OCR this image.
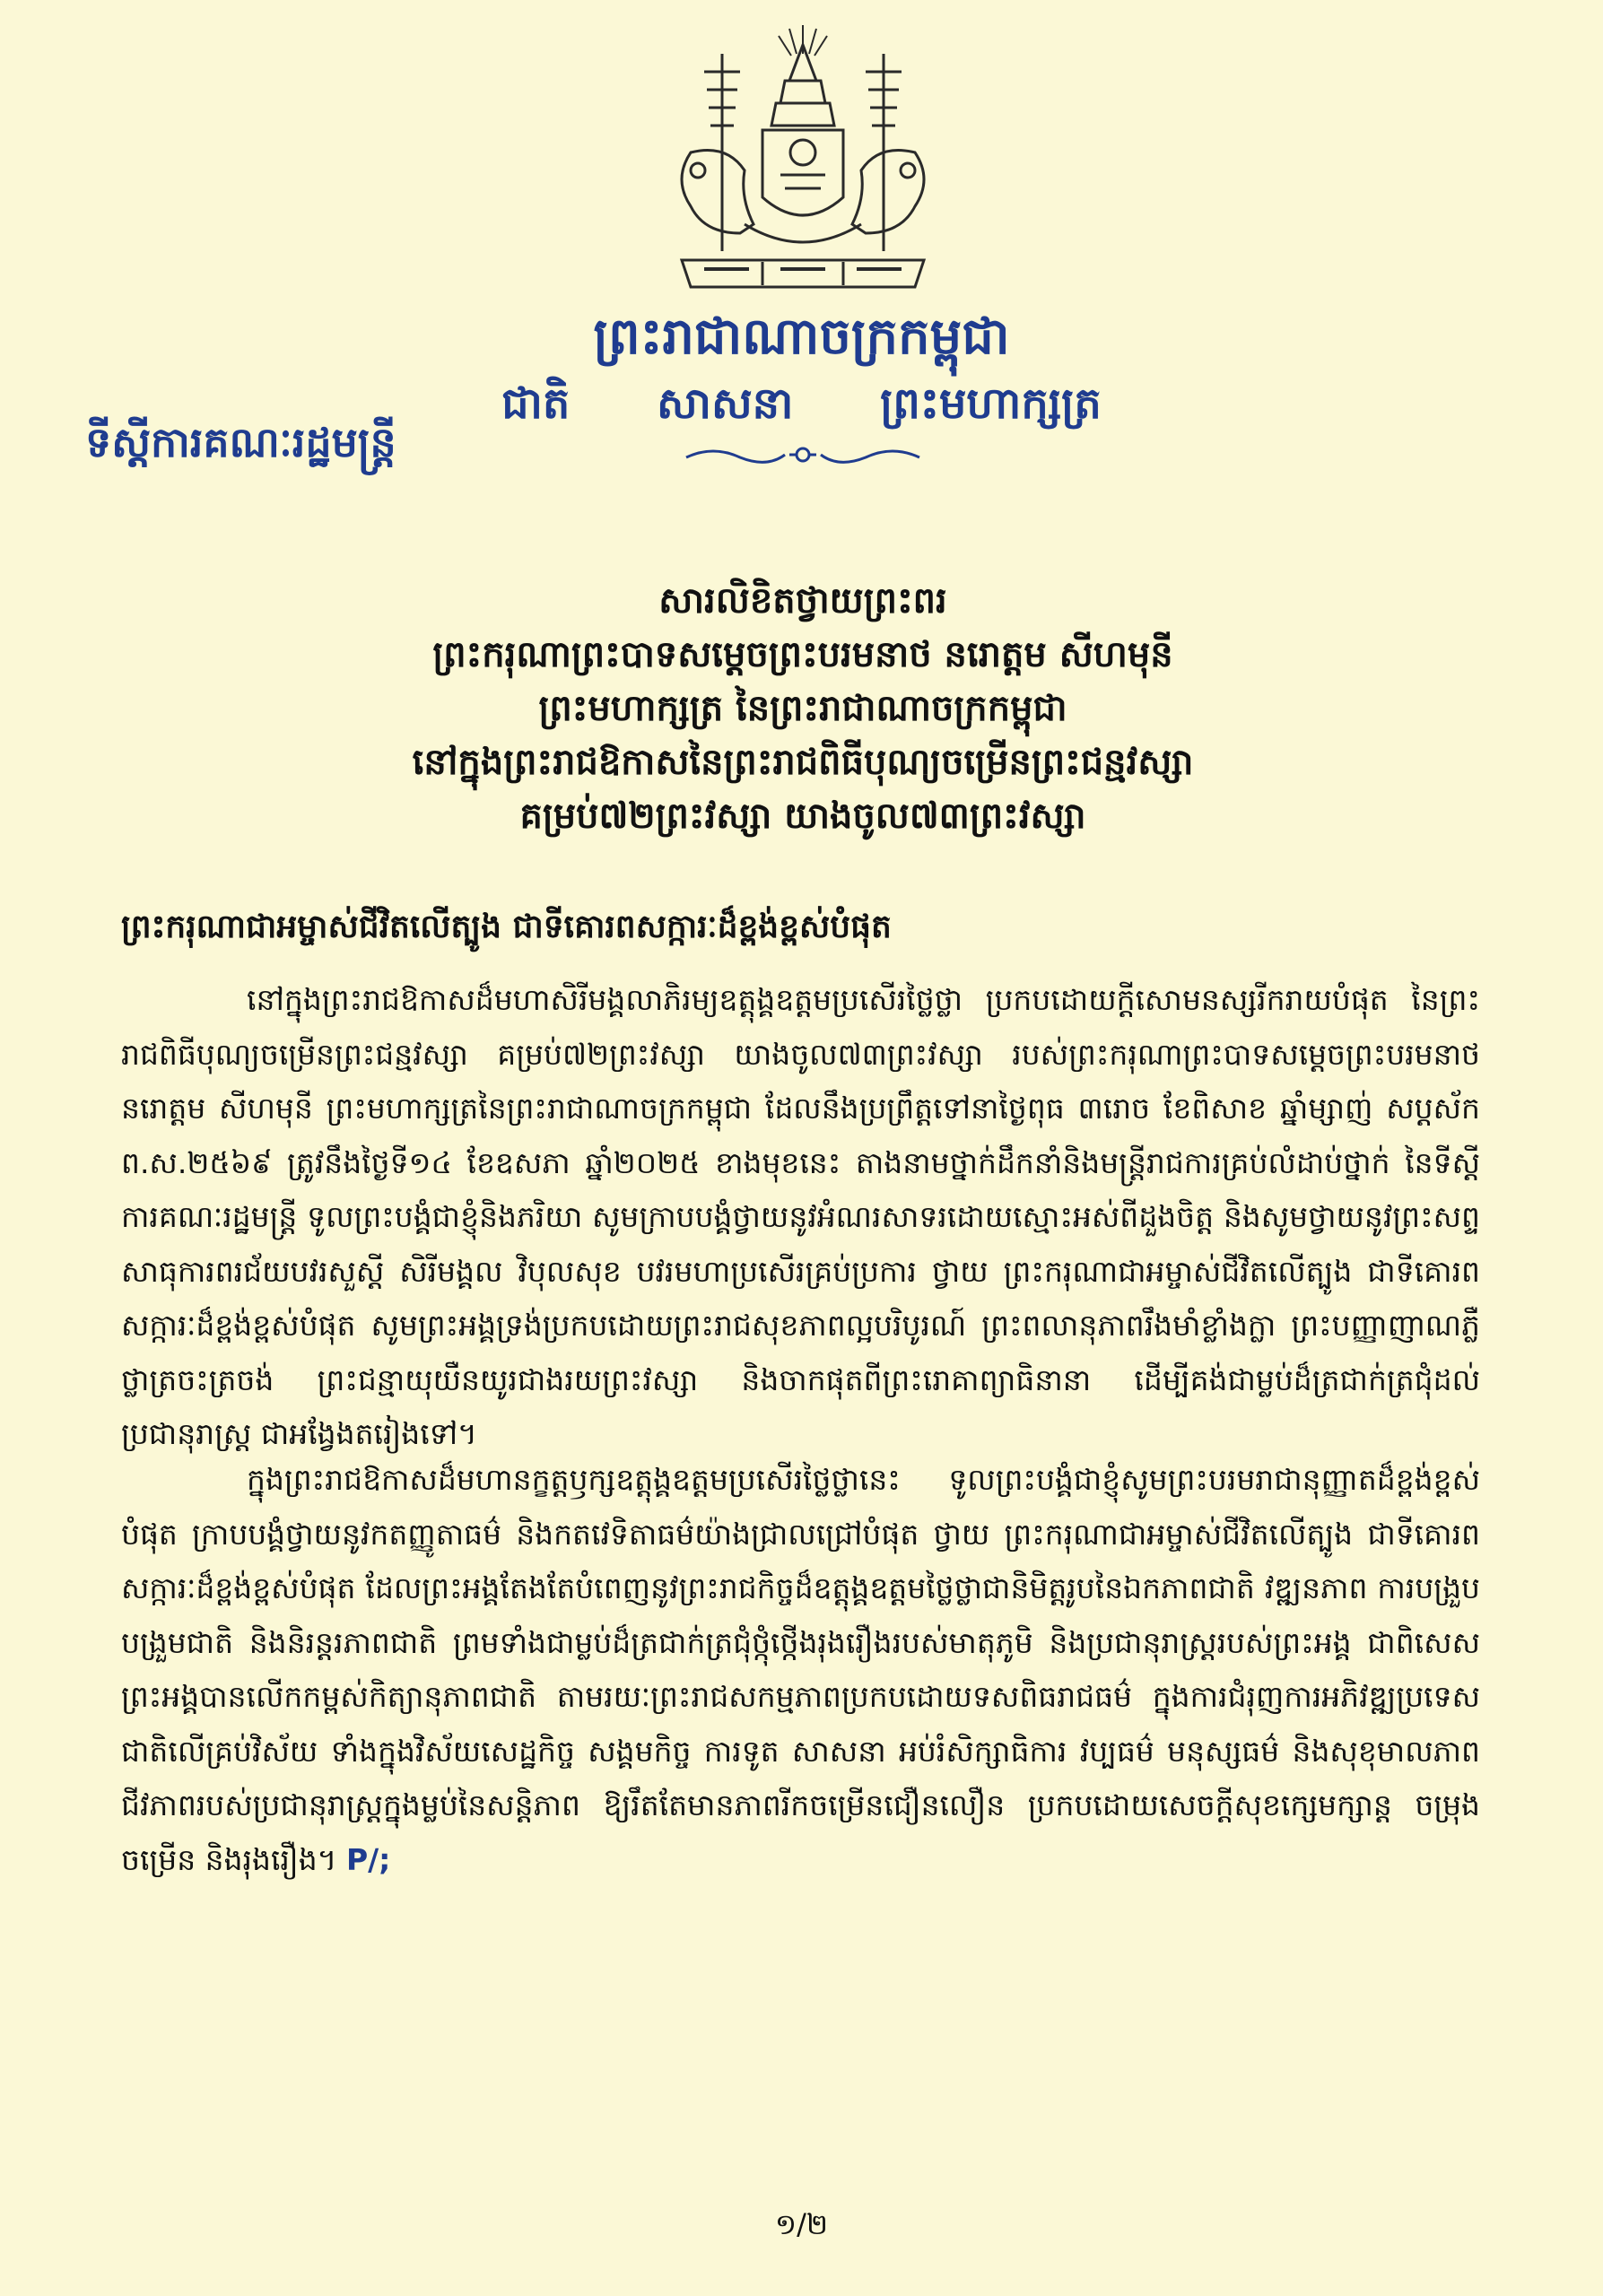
ព្រះរាជាណាចក្រកម្ពុជា
ជាតិ សាសនា ព្រះមហាក្សត្រ
ទីស្តីការគណៈរដ្ឋមន្ត្រី
សារលិខិតថ្វាយព្រះពរ
ព្រះករុណាព្រះបាទសម្តេចព្រះបរមនាថ នរោត្តម សីហមុនី
ព្រះមហាក្សត្រ នៃព្រះរាជាណាចក្រកម្ពុជា
នៅក្នុងព្រះរាជឱកាសនៃព្រះរាជពិធីបុណ្យចម្រើនព្រះជន្មវស្សា
គម្រប់៧២ព្រះវស្សា យាងចូល៧៣ព្រះវស្សា
ព្រះករុណាជាអម្ចាស់ជីវិតលើត្បូង ជាទីគោរពសក្ការៈដ៏ខ្ពង់ខ្ពស់បំផុត
នៅក្នុងព្រះរាជឱកាសដ៏មហាសិរីមង្គលាភិរម្យឧត្តុង្គឧត្តមប្រសើរថ្លៃថ្លា ប្រកបដោយក្តីសោមនស្សរីករាយបំផុត នៃព្រះរាជពិធីបុណ្យចម្រើនព្រះជន្មវស្សា គម្រប់៧២ព្រះវស្សា យាងចូល៧៣ព្រះវស្សា របស់ព្រះករុណាព្រះបាទសម្តេចព្រះបរមនាថ នរោត្តម សីហមុនី ព្រះមហាក្សត្រនៃព្រះរាជាណាចក្រកម្ពុជា ដែលនឹងប្រព្រឹត្តទៅនាថ្ងៃពុធ ៣រោច ខែពិសាខ ឆ្នាំម្សាញ់ សប្តស័ក ព.ស.២៥៦៩ ត្រូវនឹងថ្ងៃទី១៤ ខែឧសភា ឆ្នាំ២០២៥ ខាងមុខនេះ តាងនាមថ្នាក់ដឹកនាំនិងមន្ត្រីរាជការគ្រប់លំដាប់ថ្នាក់ នៃទីស្តីការគណៈរដ្ឋមន្ត្រី ទូលព្រះបង្គំជាខ្ញុំនិងភរិយា សូមក្រាបបង្គំថ្វាយនូវអំណរសាទរដោយស្មោះអស់ពីដួងចិត្ត និងសូមថ្វាយនូវព្រះសព្ទសាធុការពរជ័យបវរសួស្តី សិរីមង្គល វិបុលសុខ បវរមហាប្រសើរគ្រប់ប្រការ ថ្វាយ ព្រះករុណាជាអម្ចាស់ជីវិតលើត្បូង ជាទីគោរពសក្ការៈដ៏ខ្ពង់ខ្ពស់បំផុត សូមព្រះអង្គទ្រង់ប្រកបដោយព្រះរាជសុខភាពល្អបរិបូរណ៍ ព្រះពលានុភាពរឹងមាំខ្លាំងក្លា ព្រះបញ្ញាញាណភ្លឺថ្លាត្រចះត្រចង់ ព្រះជន្មាយុយឺនយូរជាងរយព្រះវស្សា និងចាកផុតពីព្រះរោគាព្យាធិនានា ដើម្បីគង់ជាម្លប់ដ៏ត្រជាក់ត្រជុំដល់ប្រជានុរាស្ត្រ ជាអង្វែងតរៀងទៅ។
ក្នុងព្រះរាជឱកាសដ៏មហានក្ខត្តឫក្សឧត្តុង្គឧត្តមប្រសើរថ្លៃថ្លានេះ ទូលព្រះបង្គំជាខ្ញុំសូមព្រះបរមរាជានុញ្ញាតដ៏ខ្ពង់ខ្ពស់បំផុត ក្រាបបង្គំថ្វាយនូវកតញ្ញូតាធម៌ និងកតវេទិតាធម៌យ៉ាងជ្រាលជ្រៅបំផុត ថ្វាយ ព្រះករុណាជាអម្ចាស់ជីវិតលើត្បូង ជាទីគោរពសក្ការៈដ៏ខ្ពង់ខ្ពស់បំផុត ដែលព្រះអង្គតែងតែបំពេញនូវព្រះរាជកិច្ចដ៏ឧត្តុង្គឧត្តមថ្លៃថ្លាជានិមិត្តរូបនៃឯកភាពជាតិ វឌ្ឍនភាព ការបង្រួបបង្រួមជាតិ និងនិរន្តរភាពជាតិ ព្រមទាំងជាម្លប់ដ៏ត្រជាក់ត្រជុំថ្កុំថ្កើងរុងរឿងរបស់មាតុភូមិ និងប្រជានុរាស្ត្ររបស់ព្រះអង្គ ជាពិសេសព្រះអង្គបានលើកកម្ពស់កិត្យានុភាពជាតិ តាមរយៈព្រះរាជសកម្មភាពប្រកបដោយទសពិធរាជធម៌ ក្នុងការជំរុញការអភិវឌ្ឍប្រទេសជាតិលើគ្រប់វិស័យ ទាំងក្នុងវិស័យសេដ្ឋកិច្ច សង្គមកិច្ច ការទូត សាសនា អប់រំសិក្សាធិការ វប្បធម៌ មនុស្សធម៌ និងសុខុមាលភាព ជីវភាពរបស់ប្រជានុរាស្ត្រក្នុងម្លប់នៃសន្តិភាព ឱ្យរឹតតែមានភាពរីកចម្រើនជឿនលឿន ប្រកបដោយសេចក្តីសុខក្សេមក្សាន្ត ចម្រុងចម្រើន និងរុងរឿង។ P/;
១/២
